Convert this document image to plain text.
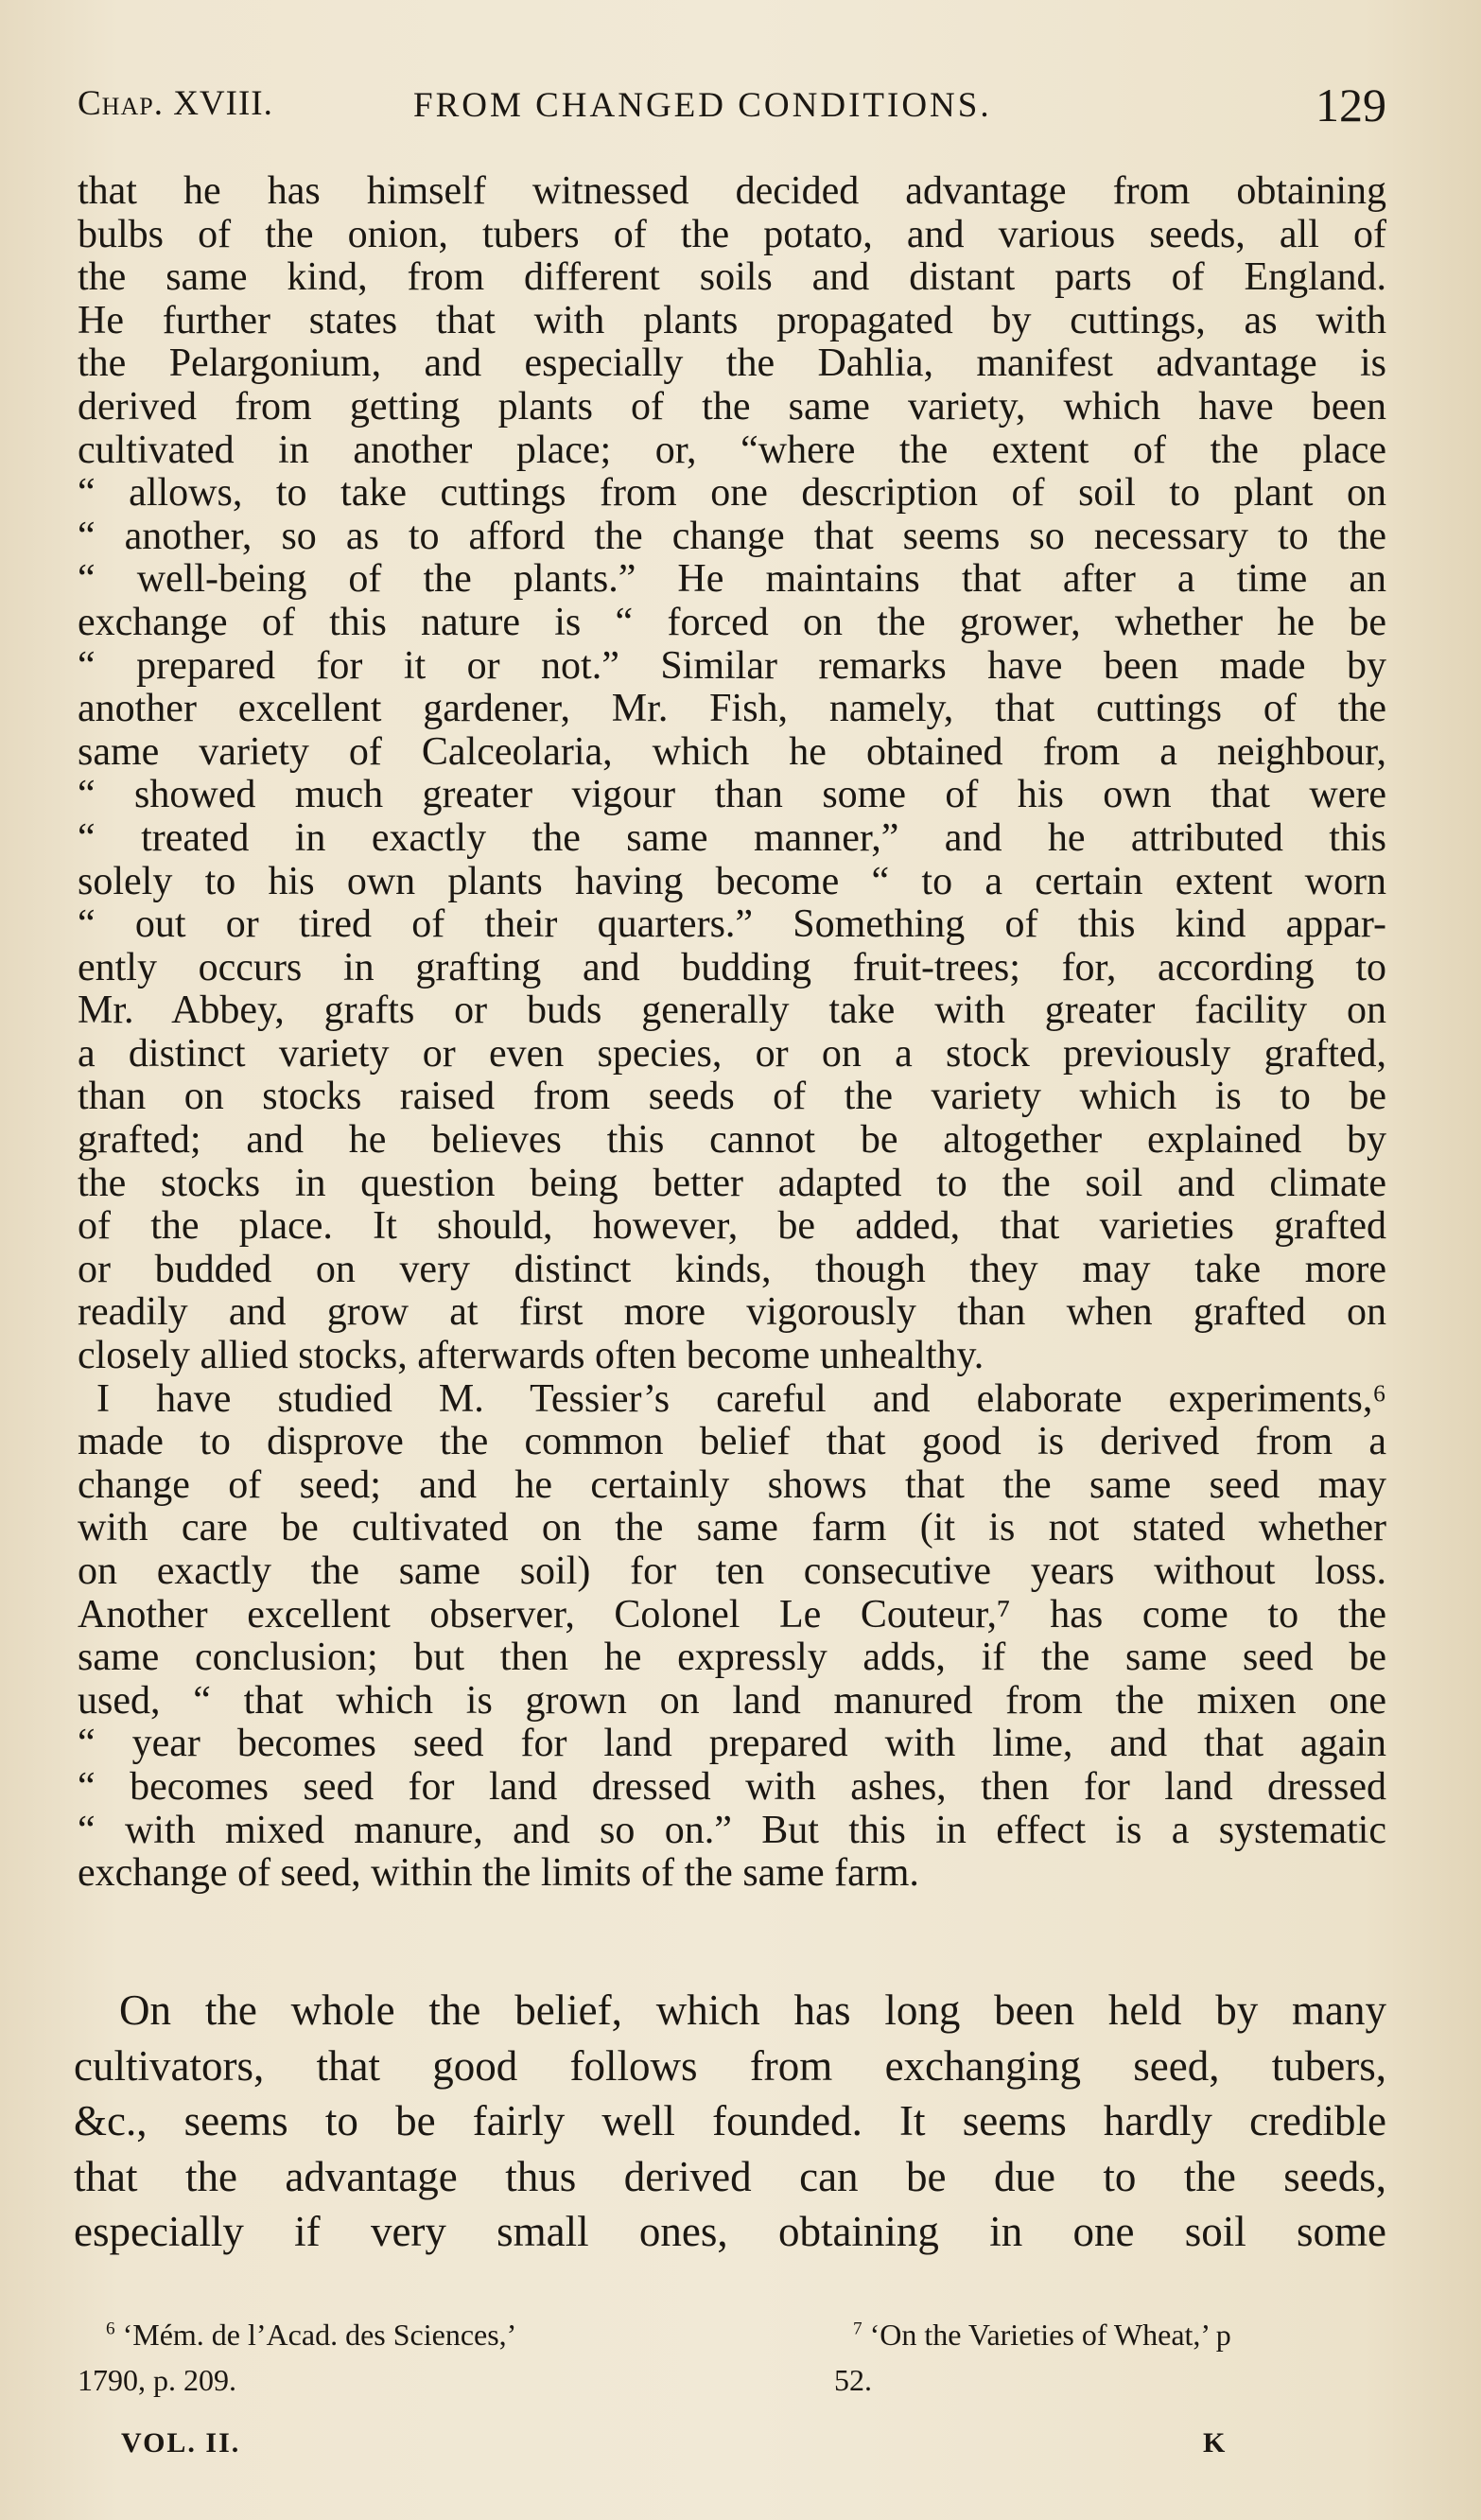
Chap. XVIII.	FROM CHANGED CONDITIONS.	129
that he has himself witnessed decided advantage from obtaining
bulbs of the onion, tubers of the potato, and various seeds, all of
the same kind, from different soils and distant parts of England.
He further states that with plants propagated by cuttings, as with
the Pelargonium, and especially the Dahlia, manifest advantage is
derived from getting plants of the same variety, which have been
cultivated in another place; or, “where the extent of the place
“ allows, to take cuttings from one description of soil to plant on
“ another, so as to afford the change that seems so necessary to the
“ well-being of the plants.” He maintains that after a time an
exchange of this nature is “ forced on the grower, whether he be
“ prepared for it or not.” Similar remarks have been made by
another excellent gardener, Mr. Fish, namely, that cuttings of the
same variety of Calceolaria, which he obtained from a neighbour,
“ showed much greater vigour than some of his own that were
“ treated in exactly the same manner,” and he attributed this
solely to his own plants having become “ to a certain extent worn
“ out or tired of their quarters.” Something of this kind appar-
ently occurs in grafting and budding fruit-trees; for, according to
Mr. Abbey, grafts or buds generally take with greater facility on
a distinct variety or even species, or on a stock previously grafted,
than on stocks raised from seeds of the variety which is to be
grafted; and he believes this cannot be altogether explained by
the stocks in question being better adapted to the soil and climate
of the place. It should, however, be added, that varieties grafted
or budded on very distinct kinds, though they may take more
readily and grow at first more vigorously than when grafted on
closely allied stocks, afterwards often become unhealthy.
I have studied M. Tessier’s careful and elaborate experiments,⁶
made to disprove the common belief that good is derived from a
change of seed; and he certainly shows that the same seed may
with care be cultivated on the same farm (it is not stated whether
on exactly the same soil) for ten consecutive years without loss.
Another excellent observer, Colonel Le Couteur,⁷ has come to the
same conclusion; but then he expressly adds, if the same seed be
used, “ that which is grown on land manured from the mixen one
“ year becomes seed for land prepared with lime, and that again
“ becomes seed for land dressed with ashes, then for land dressed
“ with mixed manure, and so on.” But this in effect is a systematic
exchange of seed, within the limits of the same farm.
On the whole the belief, which has long been held by many
cultivators, that good follows from exchanging seed, tubers,
&c., seems to be fairly well founded. It seems hardly credible
that the advantage thus derived can be due to the seeds,
especially if very small ones, obtaining in one soil some
$^6$ ‘Mém. de l’Acad. des Sciences,’
1790, p. 209.
$^7$ ‘On the Varieties of Wheat,’ p
52.
VOL. II.	K
